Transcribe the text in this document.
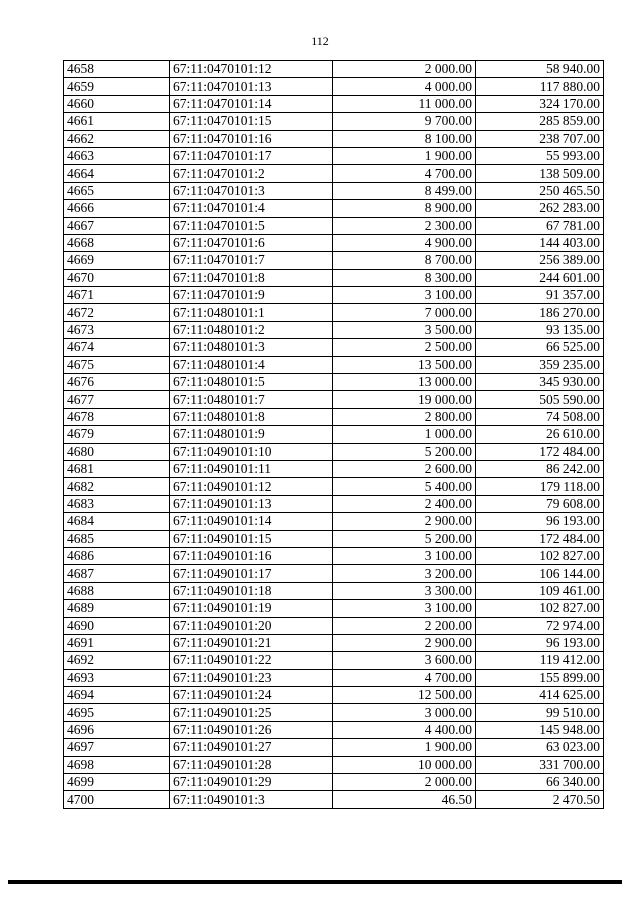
112
4658	67:11:0470101:12	2 000.00	58 940.00
4659	67:11:0470101:13	4 000.00	117 880.00
4660	67:11:0470101:14	11 000.00	324 170.00
4661	67:11:0470101:15	9 700.00	285 859.00
4662	67:11:0470101:16	8 100.00	238 707.00
4663	67:11:0470101:17	1 900.00	55 993.00
4664	67:11:0470101:2	4 700.00	138 509.00
4665	67:11:0470101:3	8 499.00	250 465.50
4666	67:11:0470101:4	8 900.00	262 283.00
4667	67:11:0470101:5	2 300.00	67 781.00
4668	67:11:0470101:6	4 900.00	144 403.00
4669	67:11:0470101:7	8 700.00	256 389.00
4670	67:11:0470101:8	8 300.00	244 601.00
4671	67:11:0470101:9	3 100.00	91 357.00
4672	67:11:0480101:1	7 000.00	186 270.00
4673	67:11:0480101:2	3 500.00	93 135.00
4674	67:11:0480101:3	2 500.00	66 525.00
4675	67:11:0480101:4	13 500.00	359 235.00
4676	67:11:0480101:5	13 000.00	345 930.00
4677	67:11:0480101:7	19 000.00	505 590.00
4678	67:11:0480101:8	2 800.00	74 508.00
4679	67:11:0480101:9	1 000.00	26 610.00
4680	67:11:0490101:10	5 200.00	172 484.00
4681	67:11:0490101:11	2 600.00	86 242.00
4682	67:11:0490101:12	5 400.00	179 118.00
4683	67:11:0490101:13	2 400.00	79 608.00
4684	67:11:0490101:14	2 900.00	96 193.00
4685	67:11:0490101:15	5 200.00	172 484.00
4686	67:11:0490101:16	3 100.00	102 827.00
4687	67:11:0490101:17	3 200.00	106 144.00
4688	67:11:0490101:18	3 300.00	109 461.00
4689	67:11:0490101:19	3 100.00	102 827.00
4690	67:11:0490101:20	2 200.00	72 974.00
4691	67:11:0490101:21	2 900.00	96 193.00
4692	67:11:0490101:22	3 600.00	119 412.00
4693	67:11:0490101:23	4 700.00	155 899.00
4694	67:11:0490101:24	12 500.00	414 625.00
4695	67:11:0490101:25	3 000.00	99 510.00
4696	67:11:0490101:26	4 400.00	145 948.00
4697	67:11:0490101:27	1 900.00	63 023.00
4698	67:11:0490101:28	10 000.00	331 700.00
4699	67:11:0490101:29	2 000.00	66 340.00
4700	67:11:0490101:3	46.50	2 470.50
